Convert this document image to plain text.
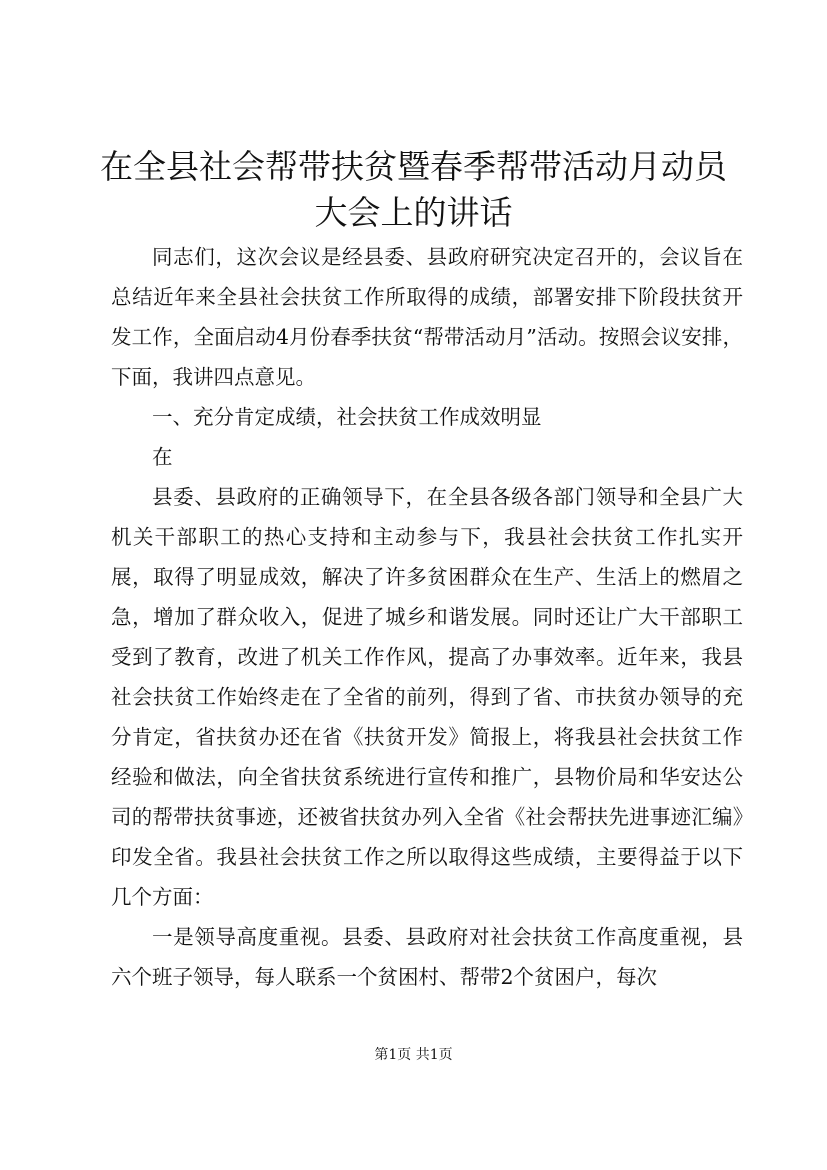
在全县社会帮带扶贫暨春季帮带活动月动员大会上的讲话

同志们，这次会议是经县委、县政府研究决定召开的，会议旨在总结近年来全县社会扶贫工作所取得的成绩，部署安排下阶段扶贫开发工作，全面启动4月份春季扶贫“帮带活动月”活动。按照会议安排，下面，我讲四点意见。

一、充分肯定成绩，社会扶贫工作成效明显

在

县委、县政府的正确领导下，在全县各级各部门领导和全县广大机关干部职工的热心支持和主动参与下，我县社会扶贫工作扎实开展，取得了明显成效，解决了许多贫困群众在生产、生活上的燃眉之急，增加了群众收入，促进了城乡和谐发展。同时还让广大干部职工受到了教育，改进了机关工作作风，提高了办事效率。近年来，我县社会扶贫工作始终走在了全省的前列，得到了省、市扶贫办领导的充分肯定，省扶贫办还在省《扶贫开发》简报上，将我县社会扶贫工作经验和做法，向全省扶贫系统进行宣传和推广，县物价局和华安达公司的帮带扶贫事迹，还被省扶贫办列入全省《社会帮扶先进事迹汇编》印发全省。我县社会扶贫工作之所以取得这些成绩，主要得益于以下几个方面：

一是领导高度重视。县委、县政府对社会扶贫工作高度重视，县六个班子领导，每人联系一个贫困村、帮带2个贫困户，每次

第1页 共1页
